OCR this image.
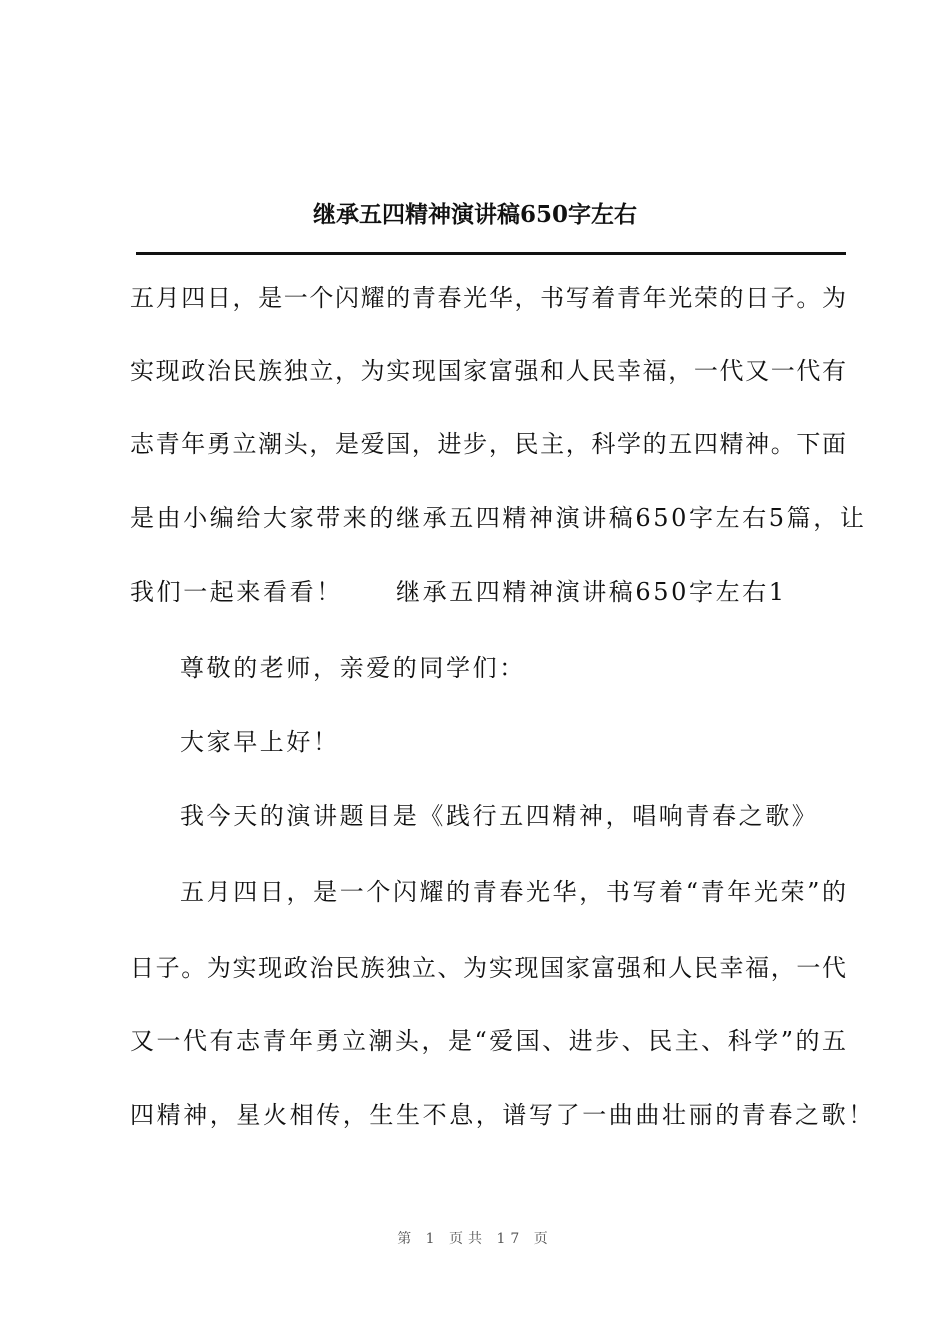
继承五四精神演讲稿650字左右
五月四日，是一个闪耀的青春光华，书写着青年光荣的日子。为
实现政治民族独立，为实现国家富强和人民幸福，一代又一代有
志青年勇立潮头，是爱国，进步，民主，科学的五四精神。下面
是由小编给大家带来的继承五四精神演讲稿650字左右5篇，让
我们一起来看看！　　继承五四精神演讲稿650字左右1
尊敬的老师，亲爱的同学们：
大家早上好！
我今天的演讲题目是《践行五四精神，唱响青春之歌》
五月四日，是一个闪耀的青春光华，书写着“青年光荣”的
日子。为实现政治民族独立、为实现国家富强和人民幸福，一代
又一代有志青年勇立潮头，是“爱国、进步、民主、科学”的五
四精神，星火相传，生生不息，谱写了一曲曲壮丽的青春之歌！
第 1 页共 17 页
